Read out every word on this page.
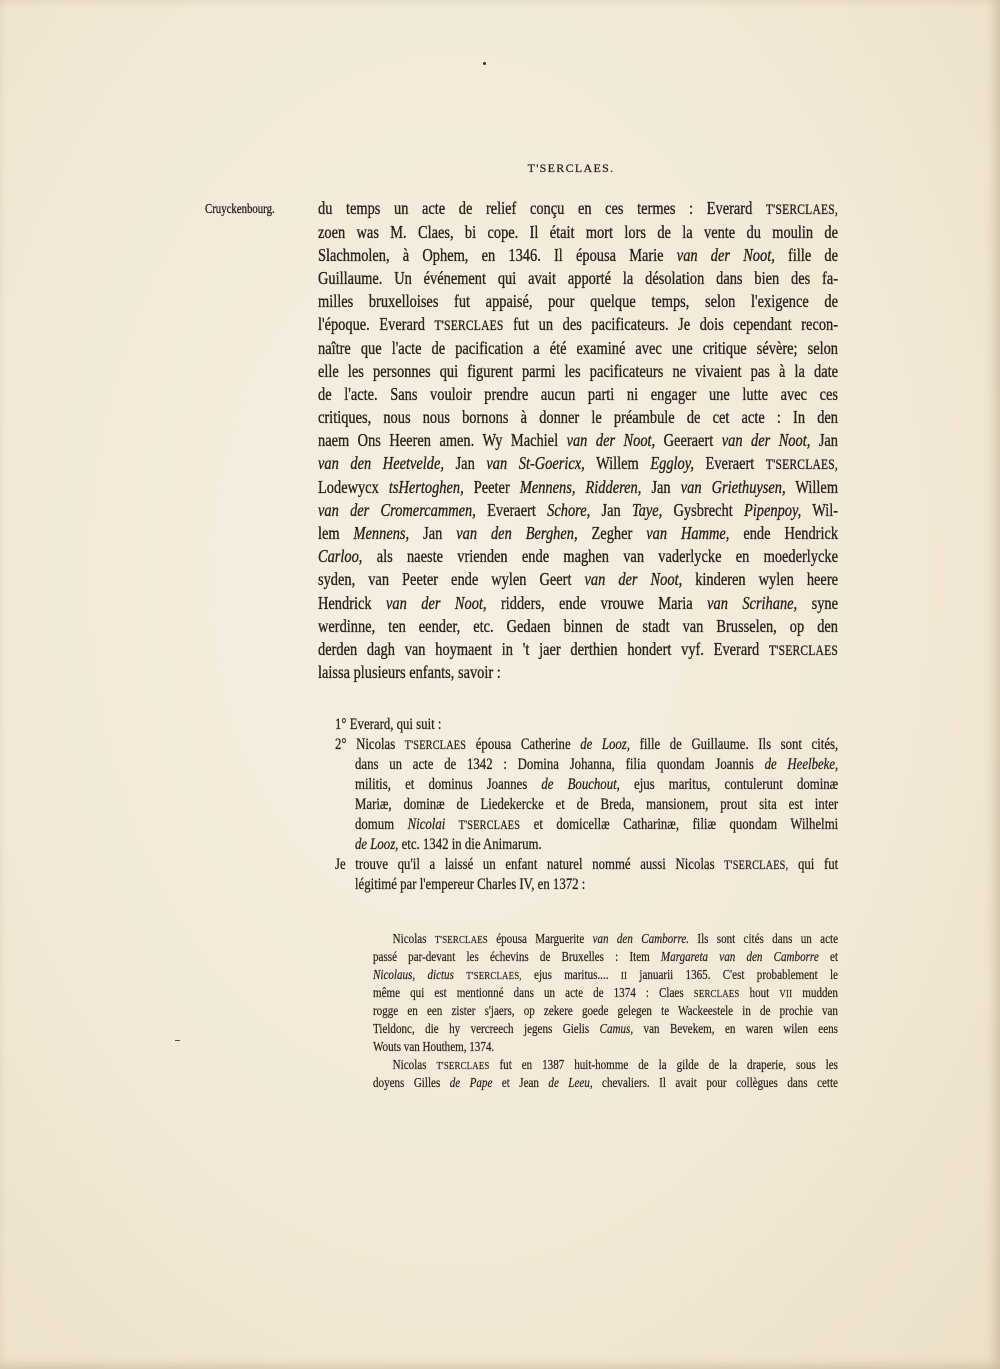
T'SERCLAES.
Cruyckenbourg. du temps un acte de relief conçu en ces termes : Everard T'SERCLAES,
zoen was M. Claes, bi cope. Il était mort lors de la vente du moulin de
Slachmolen, à Ophem, en 1346. Il épousa Marie van der Noot, fille de
Guillaume. Un événement qui avait apporté la désolation dans bien des fa-
milles bruxelloises fut appaisé, pour quelque temps, selon l'exigence de
l'époque. Everard T'SERCLAES fut un des pacificateurs. Je dois cependant recon-
naître que l'acte de pacification a été examiné avec une critique sévère; selon
elle les personnes qui figurent parmi les pacificateurs ne vivaient pas à la date
de l'acte. Sans vouloir prendre aucun parti ni engager une lutte avec ces
critiques, nous nous bornons à donner le préambule de cet acte : In den
naem Ons Heeren amen. Wy Machiel van der Noot, Geeraert van der Noot, Jan
van den Heetvelde, Jan van St-Goericx, Willem Eggloy, Everaert T'SERCLAES,
Lodewycx tsHertoghen, Peeter Mennens, Ridderen, Jan van Griethuysen, Willem
van der Cromercammen, Everaert Schore, Jan Taye, Gysbrecht Pipenpoy, Wil-
lem Mennens, Jan van den Berghen, Zegher van Hamme, ende Hendrick
Carloo, als naeste vrienden ende maghen van vaderlycke en moederlycke
syden, van Peeter ende wylen Geert van der Noot, kinderen wylen heere
Hendrick van der Noot, ridders, ende vrouwe Maria van Scrihane, syne
werdinne, ten eender, etc. Gedaen binnen de stadt van Brusselen, op den
derden dagh van hoymaent in 't jaer derthien hondert vyf. Everard T'SERCLAES
laissa plusieurs enfants, savoir :
1° Everard, qui suit :
2° Nicolas T'SERCLAES épousa Catherine de Looz, fille de Guillaume. Ils sont cités,
dans un acte de 1342 : Domina Johanna, filia quondam Joannis de Heelbeke,
militis, et dominus Joannes de Bouchout, ejus maritus, contulerunt dominæ
Mariæ, dominæ de Liedekercke et de Breda, mansionem, prout sita est inter
domum Nicolai T'SERCLAES et domicellæ Catharinæ, filiæ quondam Wilhelmi
de Looz, etc. 1342 in die Animarum.
Je trouve qu'il a laissé un enfant naturel nommé aussi Nicolas T'SERCLAES, qui fut
légitimé par l'empereur Charles IV, en 1372 :
Nicolas T'SERCLAES épousa Marguerite van den Camborre. Ils sont cités dans un acte
passé par-devant les échevins de Bruxelles : Item Margareta van den Camborre et
Nicolaus, dictus T'SERCLAES, ejus maritus.... II januarii 1365. C'est probablement le
même qui est mentionné dans un acte de 1374 : Claes SERCLAES hout VII mudden
rogge en een zister s'jaers, op zekere goede gelegen te Wackeestele in de prochie van
Tieldonc, die hy vercreech jegens Gielis Camus, van Bevekem, en waren wilen eens
Wouts van Houthem, 1374.
Nicolas T'SERCLAES fut en 1387 huit-homme de la gilde de la draperie, sous les
doyens Gilles de Pape et Jean de Leeu, chevaliers. Il avait pour collègues dans cette
